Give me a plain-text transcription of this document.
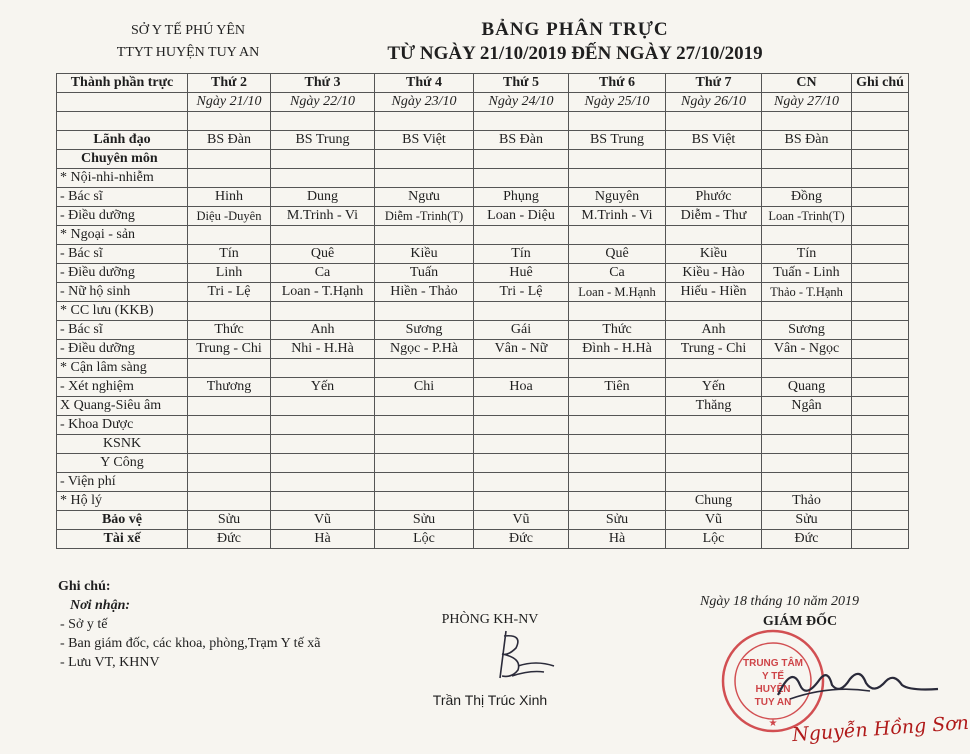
SỞ Y TẾ PHÚ YÊN
TTYT HUYỆN TUY AN
BẢNG PHÂN TRỰC
TỪ NGÀY 21/10/2019 ĐẾN NGÀY 27/10/2019
Thành phần trực	Thứ 2	Thứ 3	Thứ 4	Thứ 5	Thứ 6	Thứ 7	CN	Ghi chú
	Ngày 21/10	Ngày 22/10	Ngày 23/10	Ngày 24/10	Ngày 25/10	Ngày 26/10	Ngày 27/10	

Lãnh đạo	BS Đàn	BS Trung	BS Việt	BS Đàn	BS Trung	BS Việt	BS Đàn	
Chuyên môn								
* Nội-nhi-nhiễm								
- Bác sĩ	Hinh	Dung	Ngưu	Phụng	Nguyên	Phước	Đồng	
- Điều dưỡng	Diệu -Duyên	M.Trinh - Vi	Diễm -Trinh(T)	Loan - Diệu	M.Trinh - Vi	Diễm - Thư	Loan -Trinh(T)	
* Ngoại - sản								
- Bác sĩ	Tín	Quê	Kiều	Tín	Quê	Kiều	Tín	
- Điều dưỡng	Linh	Ca	Tuấn	Huê	Ca	Kiều - Hào	Tuấn - Linh	
- Nữ hộ sinh	Tri - Lệ	Loan - T.Hạnh	Hiền - Thảo	Tri - Lệ	Loan - M.Hạnh	Hiếu - Hiền	Thảo - T.Hạnh	
* CC lưu (KKB)								
- Bác sĩ	Thức	Anh	Sương	Gái	Thức	Anh	Sương	
- Điều dưỡng	Trung - Chi	Nhi - H.Hà	Ngọc - P.Hà	Vân - Nữ	Đình - H.Hà	Trung - Chi	Vân - Ngọc	
* Cận lâm sàng								
- Xét nghiệm	Thương	Yến	Chi	Hoa	Tiên	Yến	Quang	
X Quang-Siêu âm						Thăng	Ngân	
- Khoa Dược								
KSNK								
Y Công								
- Viện phí								
* Hộ lý						Chung	Thảo	
Bảo vệ	Sửu	Vũ	Sửu	Vũ	Sửu	Vũ	Sửu	
Tài xế	Đức	Hà	Lộc	Đức	Hà	Lộc	Đức	
Ghi chú:
Nơi nhận:
- Sở y tế
- Ban giám đốc, các khoa, phòng,Trạm Y tế xã
- Lưu VT, KHNV
PHÒNG KH-NV
Trần Thị Trúc Xinh
Ngày 18 tháng 10 năm 2019
GIÁM ĐỐC
TRUNG TÂM
Y TẾ
HUYỆN
TUY AN
★ Nguyễn Hồng Sơn
